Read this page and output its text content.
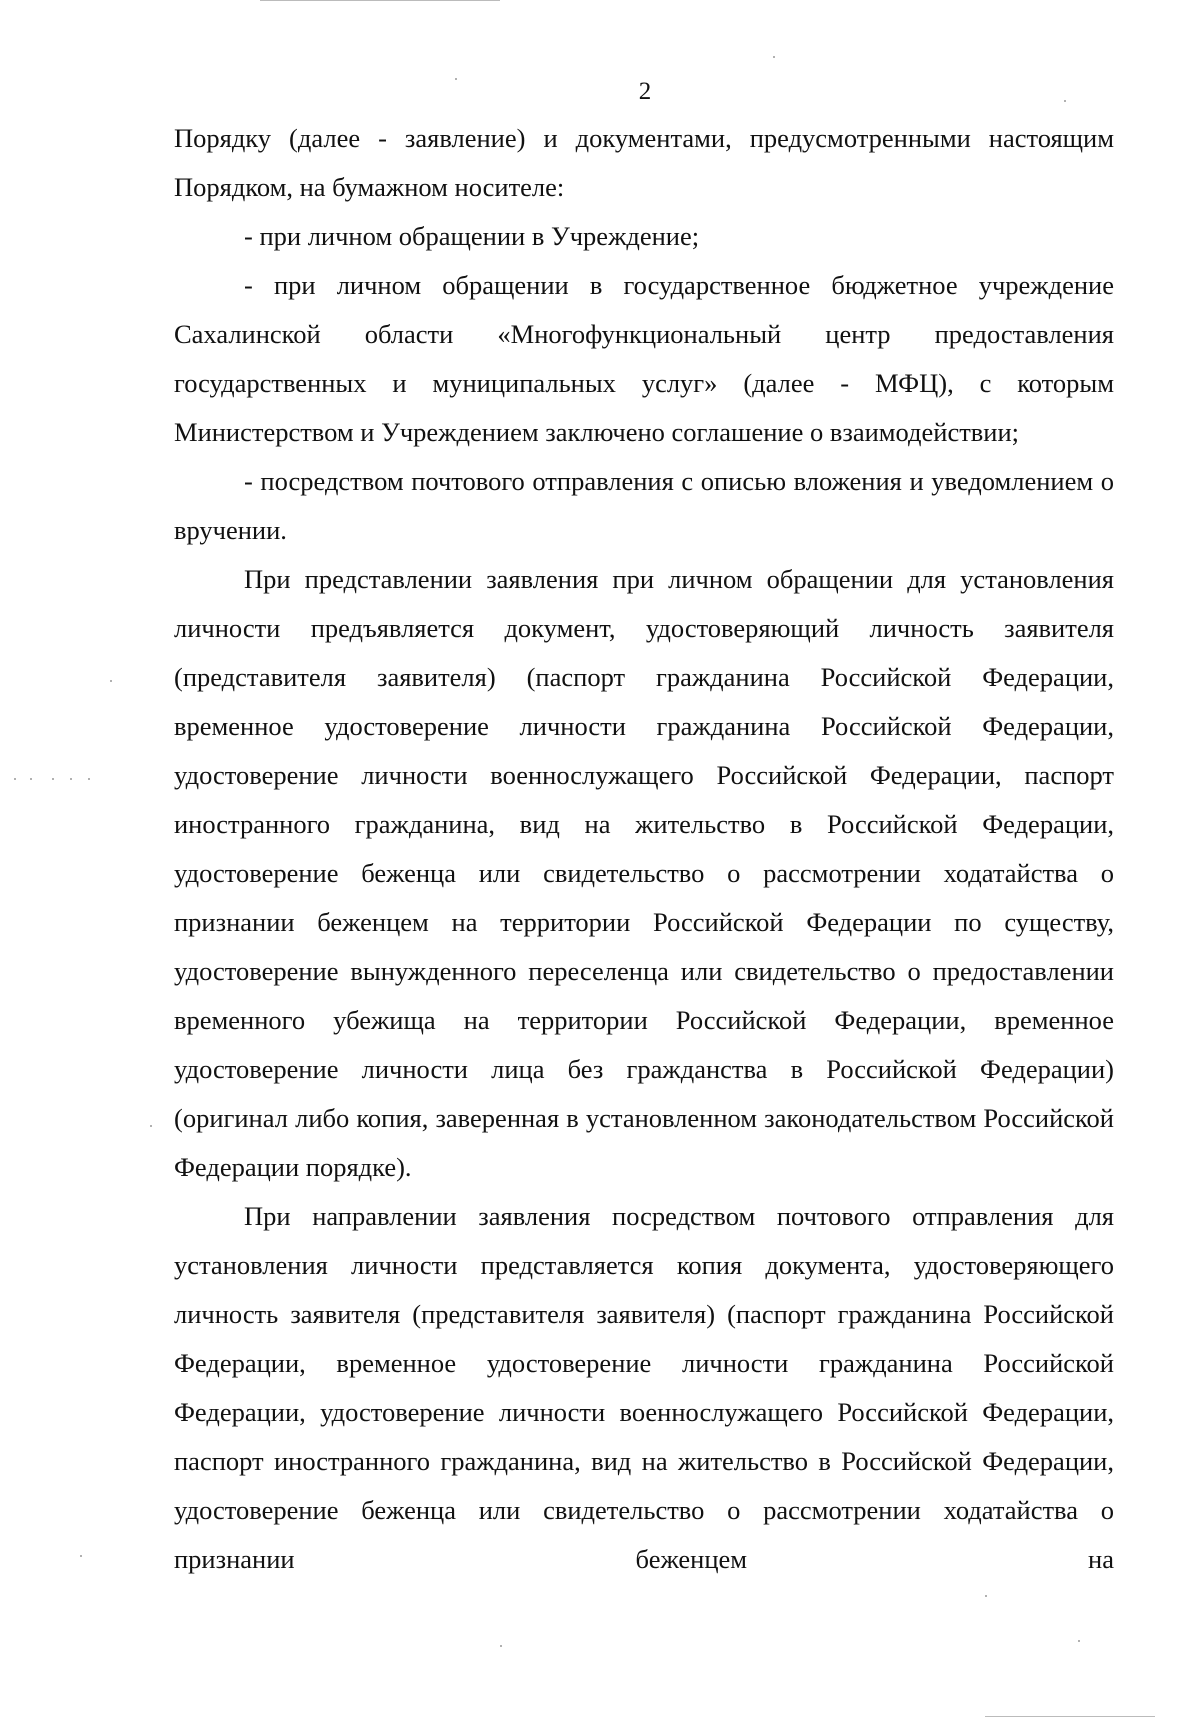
2

Порядку (далее - заявление) и документами, предусмотренными настоящим Порядком, на бумажном носителе:

- при личном обращении в Учреждение;

- при личном обращении в государственное бюджетное учреждение Сахалинской области «Многофункциональный центр предоставления государственных и муниципальных услуг» (далее - МФЦ), с которым Министерством и Учреждением заключено соглашение о взаимодействии;

- посредством почтового отправления с описью вложения и уведомлением о вручении.

При представлении заявления при личном обращении для установления личности предъявляется документ, удостоверяющий личность заявителя (представителя заявителя) (паспорт гражданина Российской Федерации, временное удостоверение личности гражданина Российской Федерации, удостоверение личности военнослужащего Российской Федерации, паспорт иностранного гражданина, вид на жительство в Российской Федерации, удостоверение беженца или свидетельство о рассмотрении ходатайства о признании беженцем на территории Российской Федерации по существу, удостоверение вынужденного переселенца или свидетельство о предоставлении временного убежища на территории Российской Федерации, временное удостоверение личности лица без гражданства в Российской Федерации) (оригинал либо копия, заверенная в установленном законодательством Российской Федерации порядке).

При направлении заявления посредством почтового отправления для установления личности представляется копия документа, удостоверяющего личность заявителя (представителя заявителя) (паспорт гражданина Российской Федерации, временное удостоверение личности гражданина Российской Федерации, удостоверение личности военнослужащего Российской Федерации, паспорт иностранного гражданина, вид на жительство в Российской Федерации, удостоверение беженца или свидетельство о рассмотрении ходатайства о признании беженцем на
